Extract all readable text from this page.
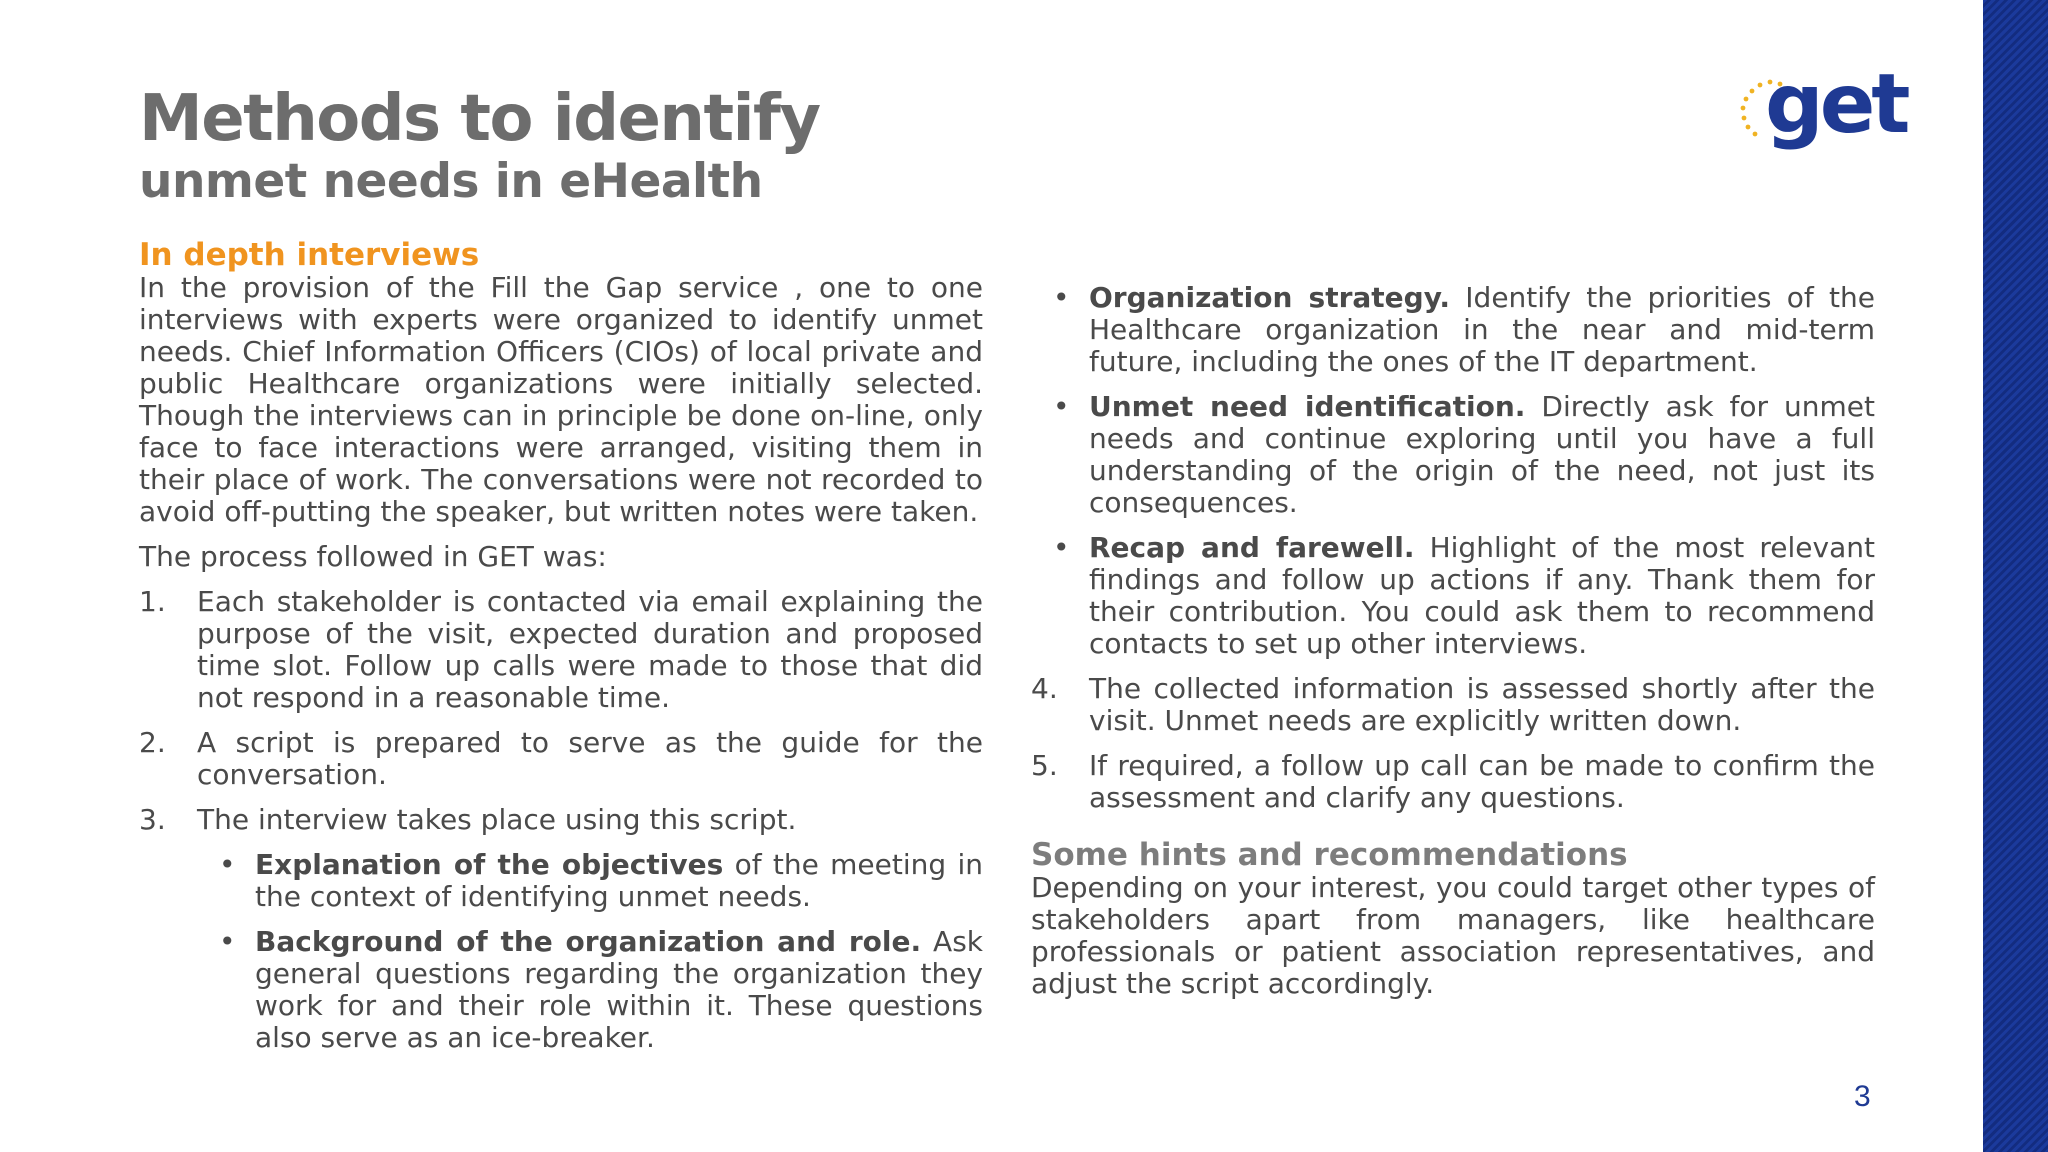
Methods to identify
unmet needs in eHealth
get

In depth interviews

In the provision of the Fill the Gap service , one to one interviews with experts were organized to identify unmet needs. Chief Information Officers (CIOs) of local private and public Healthcare organizations were initially selected. Though the interviews can in principle be done on-line, only face to face interactions were arranged, visiting them in their place of work. The conversations were not recorded to avoid off-putting the speaker, but written notes were taken.

The process followed in GET was:

1. Each stakeholder is contacted via email explaining the purpose of the visit, expected duration and proposed time slot. Follow up calls were made to those that did not respond in a reasonable time.
2. A script is prepared to serve as the guide for the conversation.
3. The interview takes place using this script.
• Explanation of the objectives of the meeting in the context of identifying unmet needs.
• Background of the organization and role. Ask general questions regarding the organization they work for and their role within it. These questions also serve as an ice-breaker.
• Organization strategy. Identify the priorities of the Healthcare organization in the near and mid-term future, including the ones of the IT department.
• Unmet need identification. Directly ask for unmet needs and continue exploring until you have a full understanding of the origin of the need, not just its consequences.
• Recap and farewell. Highlight of the most relevant findings and follow up actions if any. Thank them for their contribution. You could ask them to recommend contacts to set up other interviews.
4. The collected information is assessed shortly after the visit. Unmet needs are explicitly written down.
5. If required, a follow up call can be made to confirm the assessment and clarify any questions.

Some hints and recommendations

Depending on your interest, you could target other types of stakeholders apart from managers, like healthcare professionals or patient association representatives, and adjust the script accordingly.

3
